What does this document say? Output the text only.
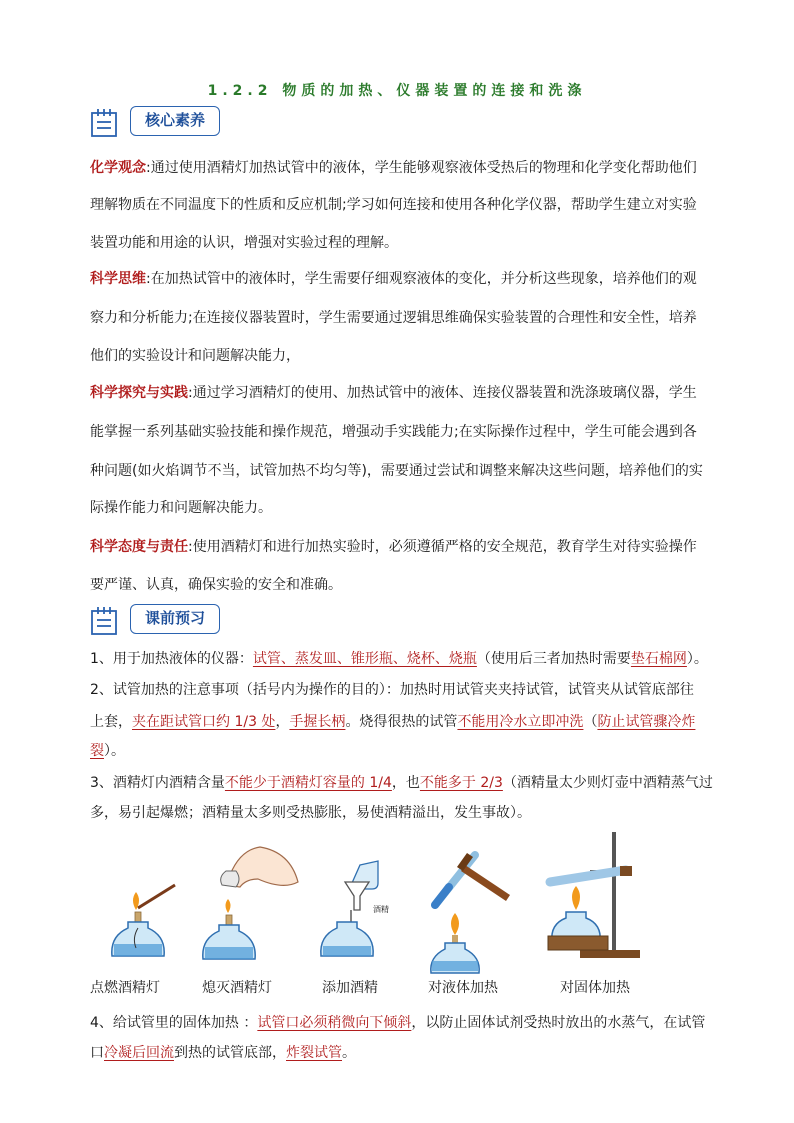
1.2.2 物质的加热、仪器装置的连接和洗涤
核心素养
化学观念:通过使用酒精灯加热试管中的液体，学生能够观察液体受热后的物理和化学变化帮助他们
理解物质在不同温度下的性质和反应机制;学习如何连接和使用各种化学仪器，帮助学生建立对实验
装置功能和用途的认识，增强对实验过程的理解。
科学思维:在加热试管中的液体时，学生需要仔细观察液体的变化，并分析这些现象，培养他们的观
察力和分析能力;在连接仪器装置时，学生需要通过逻辑思维确保实验装置的合理性和安全性，培养
他们的实验设计和问题解决能力，
科学探究与实践:通过学习酒精灯的使用、加热试管中的液体、连接仪器装置和洗涤玻璃仪器，学生
能掌握一系列基础实验技能和操作规范，增强动手实践能力;在实际操作过程中，学生可能会遇到各
种问题(如火焰调节不当，试管加热不均匀等)，需要通过尝试和调整来解决这些问题，培养他们的实
际操作能力和问题解决能力。
科学态度与责任:使用酒精灯和进行加热实验时，必须遵循严格的安全规范，教育学生对待实验操作
要严谨、认真，确保实验的安全和准确。
课前预习
1、用于加热液体的仪器：试管、蒸发皿、锥形瓶、烧杯、烧瓶（使用后三者加热时需要垫石棉网）。
2、试管加热的注意事项（括号内为操作的目的）：加热时用试管夹夹持试管，试管夹从试管底部往
上套，夹在距试管口约 1/3 处，手握长柄。烧得很热的试管不能用冷水立即冲洗（防止试管骤冷炸
裂）。
3、酒精灯内酒精含量不能少于酒精灯容量的 1/4，也不能多于 2/3（酒精量太少则灯壶中酒精蒸气过
多，易引起爆燃；酒精量太多则受热膨胀，易使酒精溢出，发生事故）。
酒精
点燃酒精灯	熄灭酒精灯	添加酒精	对液体加热	对固体加热
4、给试管里的固体加热 ：试管口必须稍微向下倾斜，以防止固体试剂受热时放出的水蒸气，在试管
口冷凝后回流到热的试管底部，炸裂试管。
